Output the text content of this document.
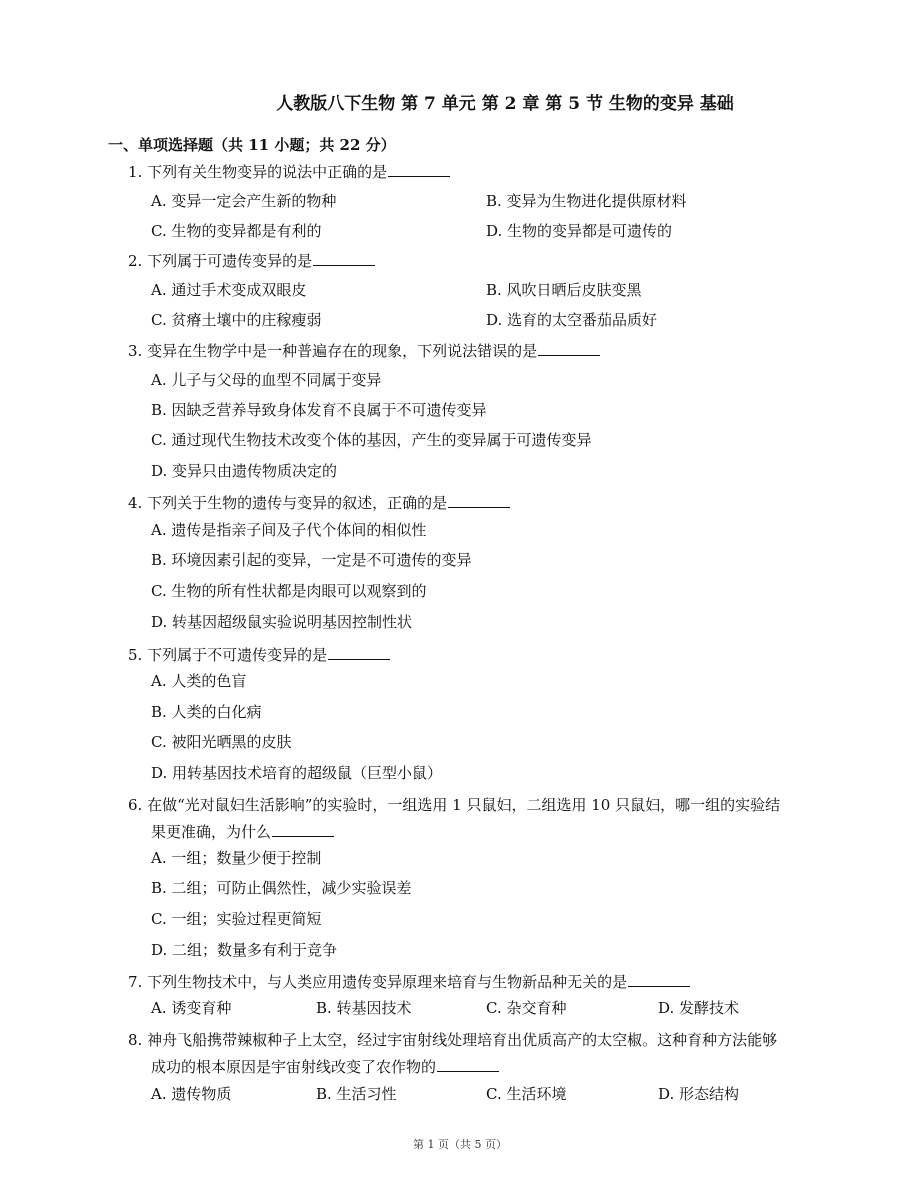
人教版八下生物 第 7 单元 第 2 章 第 5 节 生物的变异 基础
一、单项选择题（共 11 小题；共 22 分）
1. 下列有关生物变异的说法中正确的是
A. 变异一定会产生新的物种	B. 变异为生物进化提供原材料
C. 生物的变异都是有利的	D. 生物的变异都是可遗传的
2. 下列属于可遗传变异的是
A. 通过手术变成双眼皮	B. 风吹日晒后皮肤变黑
C. 贫瘠土壤中的庄稼瘦弱	D. 选育的太空番茄品质好
3. 变异在生物学中是一种普遍存在的现象，下列说法错误的是
A. 儿子与父母的血型不同属于变异
B. 因缺乏营养导致身体发育不良属于不可遗传变异
C. 通过现代生物技术改变个体的基因，产生的变异属于可遗传变异
D. 变异只由遗传物质决定的
4. 下列关于生物的遗传与变异的叙述，正确的是
A. 遗传是指亲子间及子代个体间的相似性
B. 环境因素引起的变异，一定是不可遗传的变异
C. 生物的所有性状都是肉眼可以观察到的
D. 转基因超级鼠实验说明基因控制性状
5. 下列属于不可遗传变异的是
A. 人类的色盲
B. 人类的白化病
C. 被阳光晒黑的皮肤
D. 用转基因技术培育的超级鼠（巨型小鼠）
6. 在做“光对鼠妇生活影响”的实验时，一组选用 1 只鼠妇，二组选用 10 只鼠妇，哪一组的实验结
果更准确，为什么
A. 一组；数量少便于控制
B. 二组；可防止偶然性，减少实验误差
C. 一组；实验过程更简短
D. 二组；数量多有利于竞争
7. 下列生物技术中，与人类应用遗传变异原理来培育与生物新品种无关的是
A. 诱变育种	B. 转基因技术	C. 杂交育种	D. 发酵技术
8. 神舟飞船携带辣椒种子上太空，经过宇宙射线处理培育出优质高产的太空椒。这种育种方法能够
成功的根本原因是宇宙射线改变了农作物的
A. 遗传物质	B. 生活习性	C. 生活环境	D. 形态结构
第 1 页（共 5 页）
